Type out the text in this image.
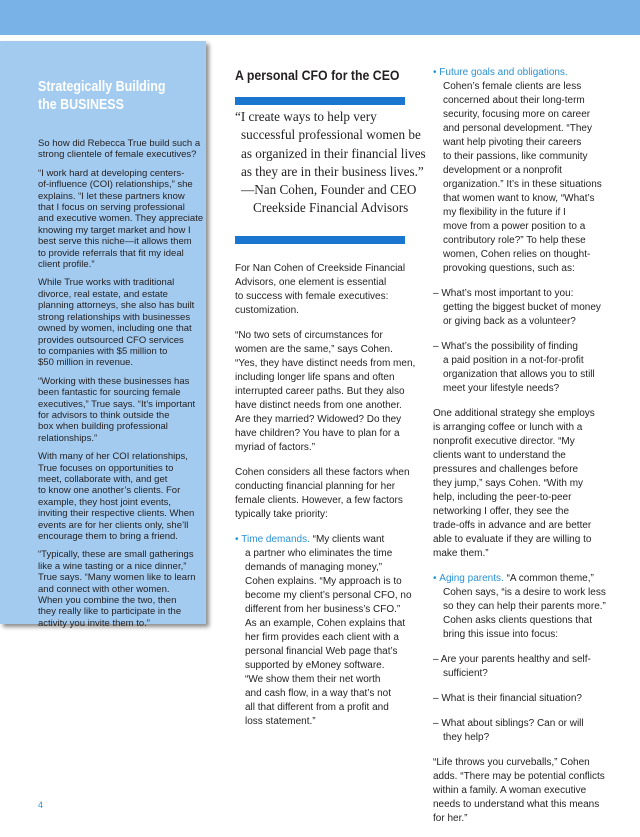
Strategically Building
the BUSINESS

So how did Rebecca True build such a
strong clientele of female executives?

“I work hard at developing centers-
of-influence (COI) relationships,” she
explains. “I let these partners know
that I focus on serving professional
and executive women. They appreciate
knowing my target market and how I
best serve this niche—it allows them
to provide referrals that fit my ideal
client profile.”

While True works with traditional
divorce, real estate, and estate
planning attorneys, she also has built
strong relationships with businesses
owned by women, including one that
provides outsourced CFO services
to companies with $5 million to
$50 million in revenue.

“Working with these businesses has
been fantastic for sourcing female
executives,” True says. “It’s important
for advisors to think outside the
box when building professional
relationships.”

With many of her COI relationships,
True focuses on opportunities to
meet, collaborate with, and get
to know one another’s clients. For
example, they host joint events,
inviting their respective clients. When
events are for her clients only, she’ll
encourage them to bring a friend.

“Typically, these are small gatherings
like a wine tasting or a nice dinner,”
True says. “Many women like to learn
and connect with other women.
When you combine the two, then
they really like to participate in the
activity you invite them to.”

A personal CFO for the CEO
“I create ways to help very
successful professional women be
as organized in their financial lives
as they are in their business lives.”
—Nan Cohen, Founder and CEO
Creekside Financial Advisors

For Nan Cohen of Creekside Financial
Advisors, one element is essential
to success with female executives:
customization.

“No two sets of circumstances for
women are the same,” says Cohen.
“Yes, they have distinct needs from men,
including longer life spans and often
interrupted career paths. But they also
have distinct needs from one another.
Are they married? Widowed? Do they
have children? You have to plan for a
myriad of factors.”

Cohen considers all these factors when
conducting financial planning for her
female clients. However, a few factors
typically take priority:

• Time demands. “My clients want
a partner who eliminates the time
demands of managing money,”
Cohen explains. “My approach is to
become my client’s personal CFO, no
different from her business’s CFO.”
As an example, Cohen explains that
her firm provides each client with a
personal financial Web page that’s
supported by eMoney software.
“We show them their net worth
and cash flow, in a way that’s not
all that different from a profit and
loss statement.”

• Future goals and obligations.
Cohen’s female clients are less
concerned about their long-term
security, focusing more on career
and personal development. “They
want help pivoting their careers
to their passions, like community
development or a nonprofit
organization.” It’s in these situations
that women want to know, “What’s
my flexibility in the future if I
move from a power position to a
contributory role?” To help these
women, Cohen relies on thought-
provoking questions, such as:

– What’s most important to you:
getting the biggest bucket of money
or giving back as a volunteer?

– What’s the possibility of finding
a paid position in a not-for-profit
organization that allows you to still
meet your lifestyle needs?

One additional strategy she employs
is arranging coffee or lunch with a
nonprofit executive director. “My
clients want to understand the
pressures and challenges before
they jump,” says Cohen. “With my
help, including the peer-to-peer
networking I offer, they see the
trade-offs in advance and are better
able to evaluate if they are willing to
make them.”

• Aging parents. “A common theme,”
Cohen says, “is a desire to work less
so they can help their parents more.”
Cohen asks clients questions that
bring this issue into focus:

– Are your parents healthy and self-
sufficient?

– What is their financial situation?

– What about siblings? Can or will
they help?

“Life throws you curveballs,” Cohen
adds. “There may be potential conflicts
within a family. A woman executive
needs to understand what this means
for her.”

4
